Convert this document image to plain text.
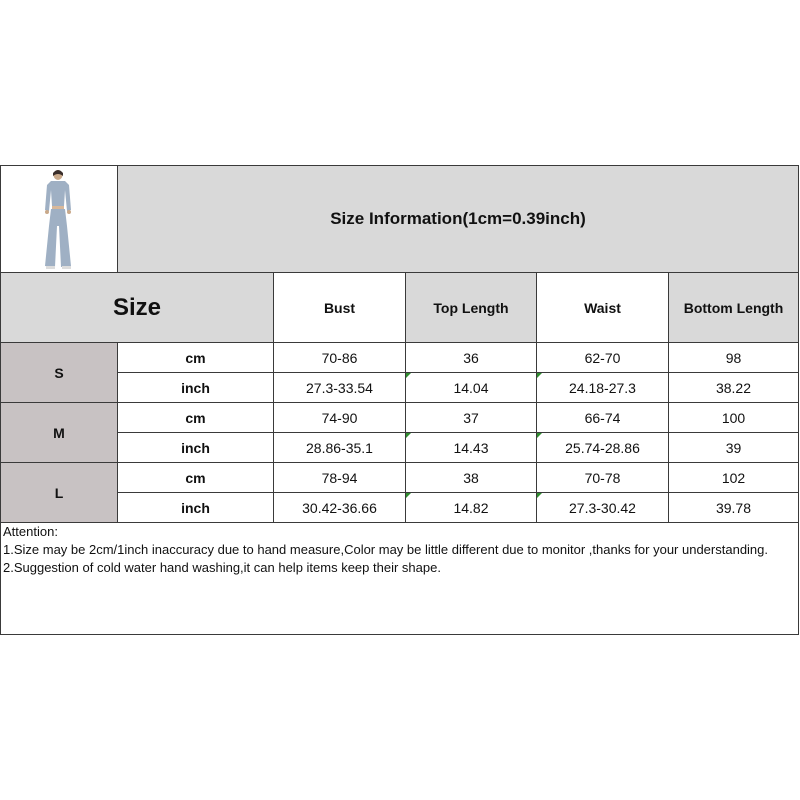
Size Information(1cm=0.39inch)
Size	Bust	Top Length	Waist	Bottom Length
S
cm	70-86	36	62-70	98
inch	27.3-33.54	14.04	24.18-27.3	38.22
M
cm	74-90	37	66-74	100
inch	28.86-35.1	14.43	25.74-28.86	39
L
cm	78-94	38	70-78	102
inch	30.42-36.66	14.82	27.3-30.42	39.78
Attention:
1.Size may be 2cm/1inch inaccuracy due to hand measure,Color may be little different due to monitor ,thanks for your understanding.
2.Suggestion of cold water hand washing,it can help items keep their shape.
